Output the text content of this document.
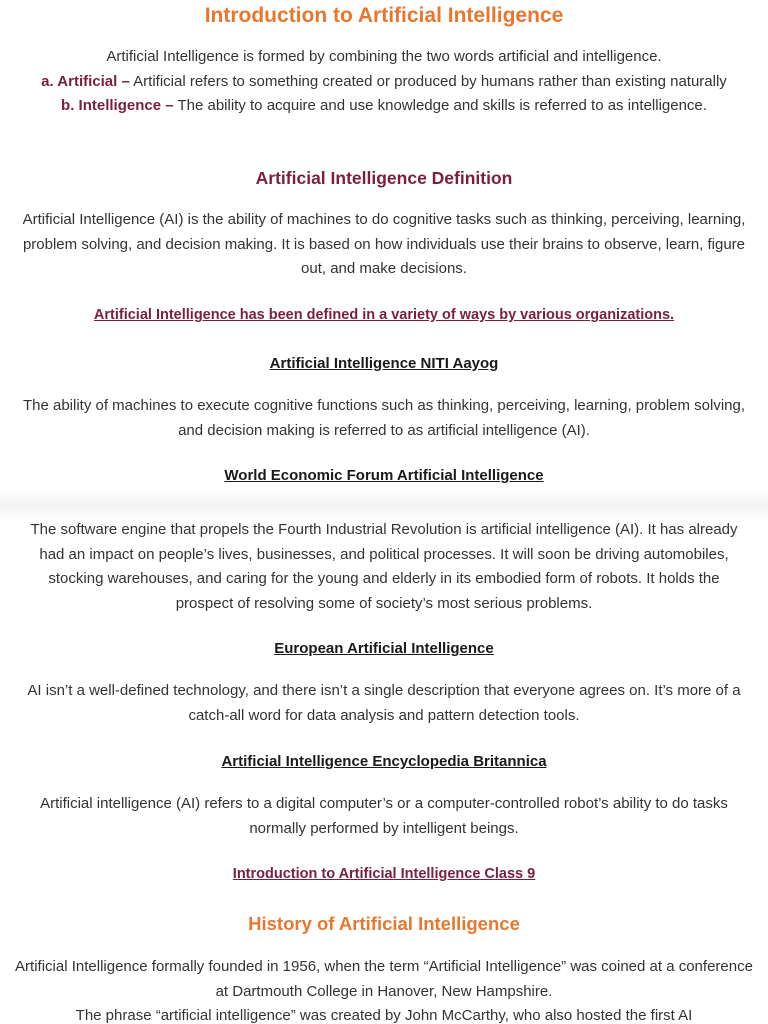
Introduction to Artificial Intelligence
Artificial Intelligence is formed by combining the two words artificial and intelligence.
a. Artificial – Artificial refers to something created or produced by humans rather than existing naturally
b. Intelligence – The ability to acquire and use knowledge and skills is referred to as intelligence.
Artificial Intelligence Definition
Artificial Intelligence (AI) is the ability of machines to do cognitive tasks such as thinking, perceiving, learning, problem solving, and decision making. It is based on how individuals use their brains to observe, learn, figure out, and make decisions.
Artificial Intelligence has been defined in a variety of ways by various organizations.
Artificial Intelligence NITI Aayog
The ability of machines to execute cognitive functions such as thinking, perceiving, learning, problem solving, and decision making is referred to as artificial intelligence (AI).
World Economic Forum Artificial Intelligence
The software engine that propels the Fourth Industrial Revolution is artificial intelligence (AI). It has already had an impact on people’s lives, businesses, and political processes. It will soon be driving automobiles, stocking warehouses, and caring for the young and elderly in its embodied form of robots. It holds the prospect of resolving some of society’s most serious problems.
European Artificial Intelligence
AI isn’t a well-defined technology, and there isn’t a single description that everyone agrees on. It’s more of a catch-all word for data analysis and pattern detection tools.
Artificial Intelligence Encyclopedia Britannica
Artificial intelligence (AI) refers to a digital computer’s or a computer-controlled robot’s ability to do tasks normally performed by intelligent beings.
Introduction to Artificial Intelligence Class 9
History of Artificial Intelligence
Artificial Intelligence formally founded in 1956, when the term “Artificial Intelligence” was coined at a conference at Dartmouth College in Hanover, New Hampshire.
The phrase “artificial intelligence” was created by John McCarthy, who also hosted the first AI
